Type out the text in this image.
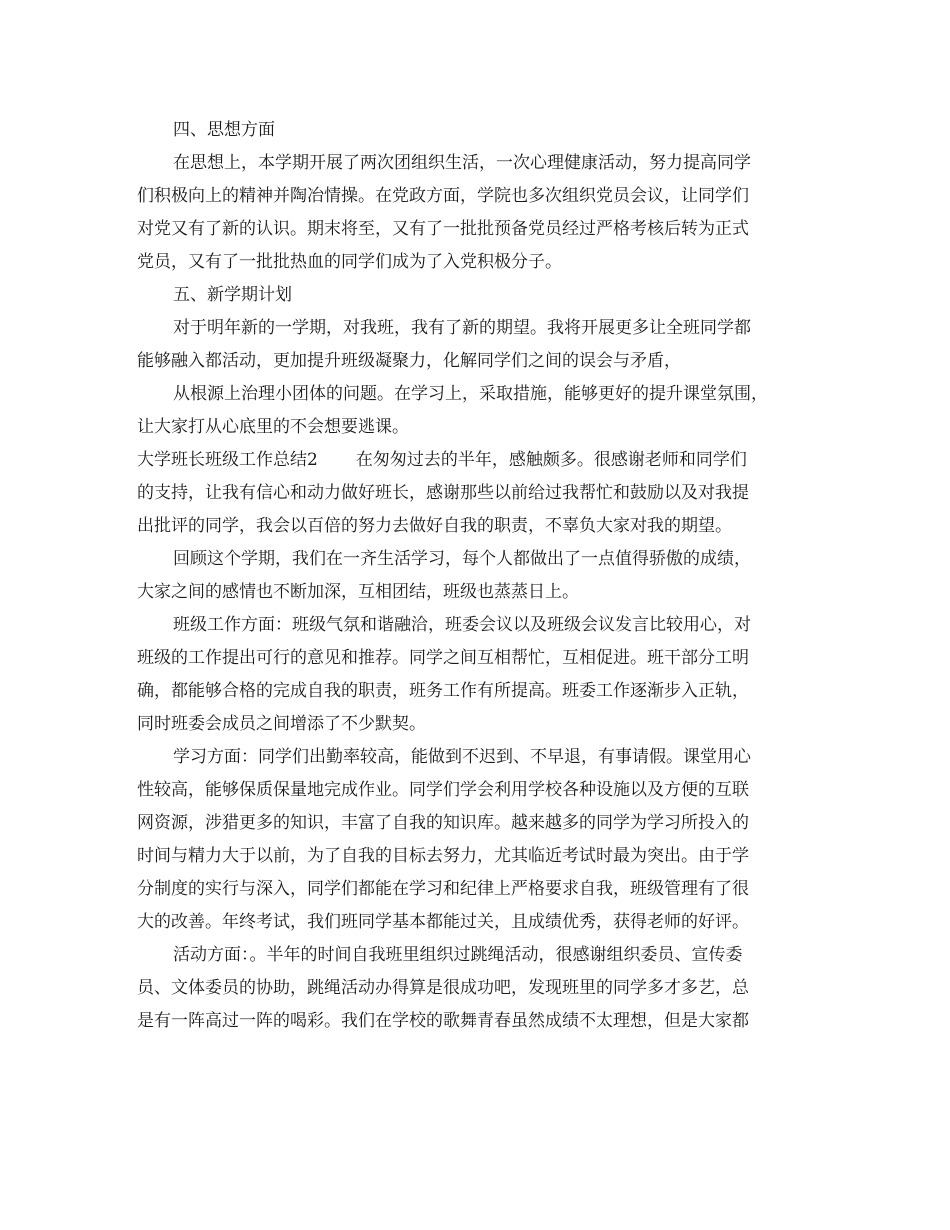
四、思想方面
在思想上，本学期开展了两次团组织生活，一次心理健康活动，努力提高同学
们积极向上的精神并陶冶情操。在党政方面，学院也多次组织党员会议，让同学们
对党又有了新的认识。期末将至，又有了一批批预备党员经过严格考核后转为正式
党员，又有了一批批热血的同学们成为了入党积极分子。
五、新学期计划
对于明年新的一学期，对我班，我有了新的期望。我将开展更多让全班同学都
能够融入都活动，更加提升班级凝聚力，化解同学们之间的误会与矛盾，
从根源上治理小团体的问题。在学习上，采取措施，能够更好的提升课堂氛围，
让大家打从心底里的不会想要逃课。
大学班长班级工作总结2 在匆匆过去的半年，感触颇多。很感谢老师和同学们
的支持，让我有信心和动力做好班长，感谢那些以前给过我帮忙和鼓励以及对我提
出批评的同学，我会以百倍的努力去做好自我的职责，不辜负大家对我的期望。
回顾这个学期，我们在一齐生活学习，每个人都做出了一点值得骄傲的成绩，
大家之间的感情也不断加深，互相团结，班级也蒸蒸日上。
班级工作方面：班级气氛和谐融洽，班委会议以及班级会议发言比较用心，对
班级的工作提出可行的意见和推荐。同学之间互相帮忙，互相促进。班干部分工明
确，都能够合格的完成自我的职责，班务工作有所提高。班委工作逐渐步入正轨，
同时班委会成员之间增添了不少默契。
学习方面：同学们出勤率较高，能做到不迟到、不早退，有事请假。课堂用心
性较高，能够保质保量地完成作业。同学们学会利用学校各种设施以及方便的互联
网资源，涉猎更多的知识，丰富了自我的知识库。越来越多的同学为学习所投入的
时间与精力大于以前，为了自我的目标去努力，尤其临近考试时最为突出。由于学
分制度的实行与深入，同学们都能在学习和纪律上严格要求自我，班级管理有了很
大的改善。年终考试，我们班同学基本都能过关，且成绩优秀，获得老师的好评。
活动方面：。半年的时间自我班里组织过跳绳活动，很感谢组织委员、宣传委
员、文体委员的协助，跳绳活动办得算是很成功吧，发现班里的同学多才多艺，总
是有一阵高过一阵的喝彩。我们在学校的歌舞青春虽然成绩不太理想，但是大家都
